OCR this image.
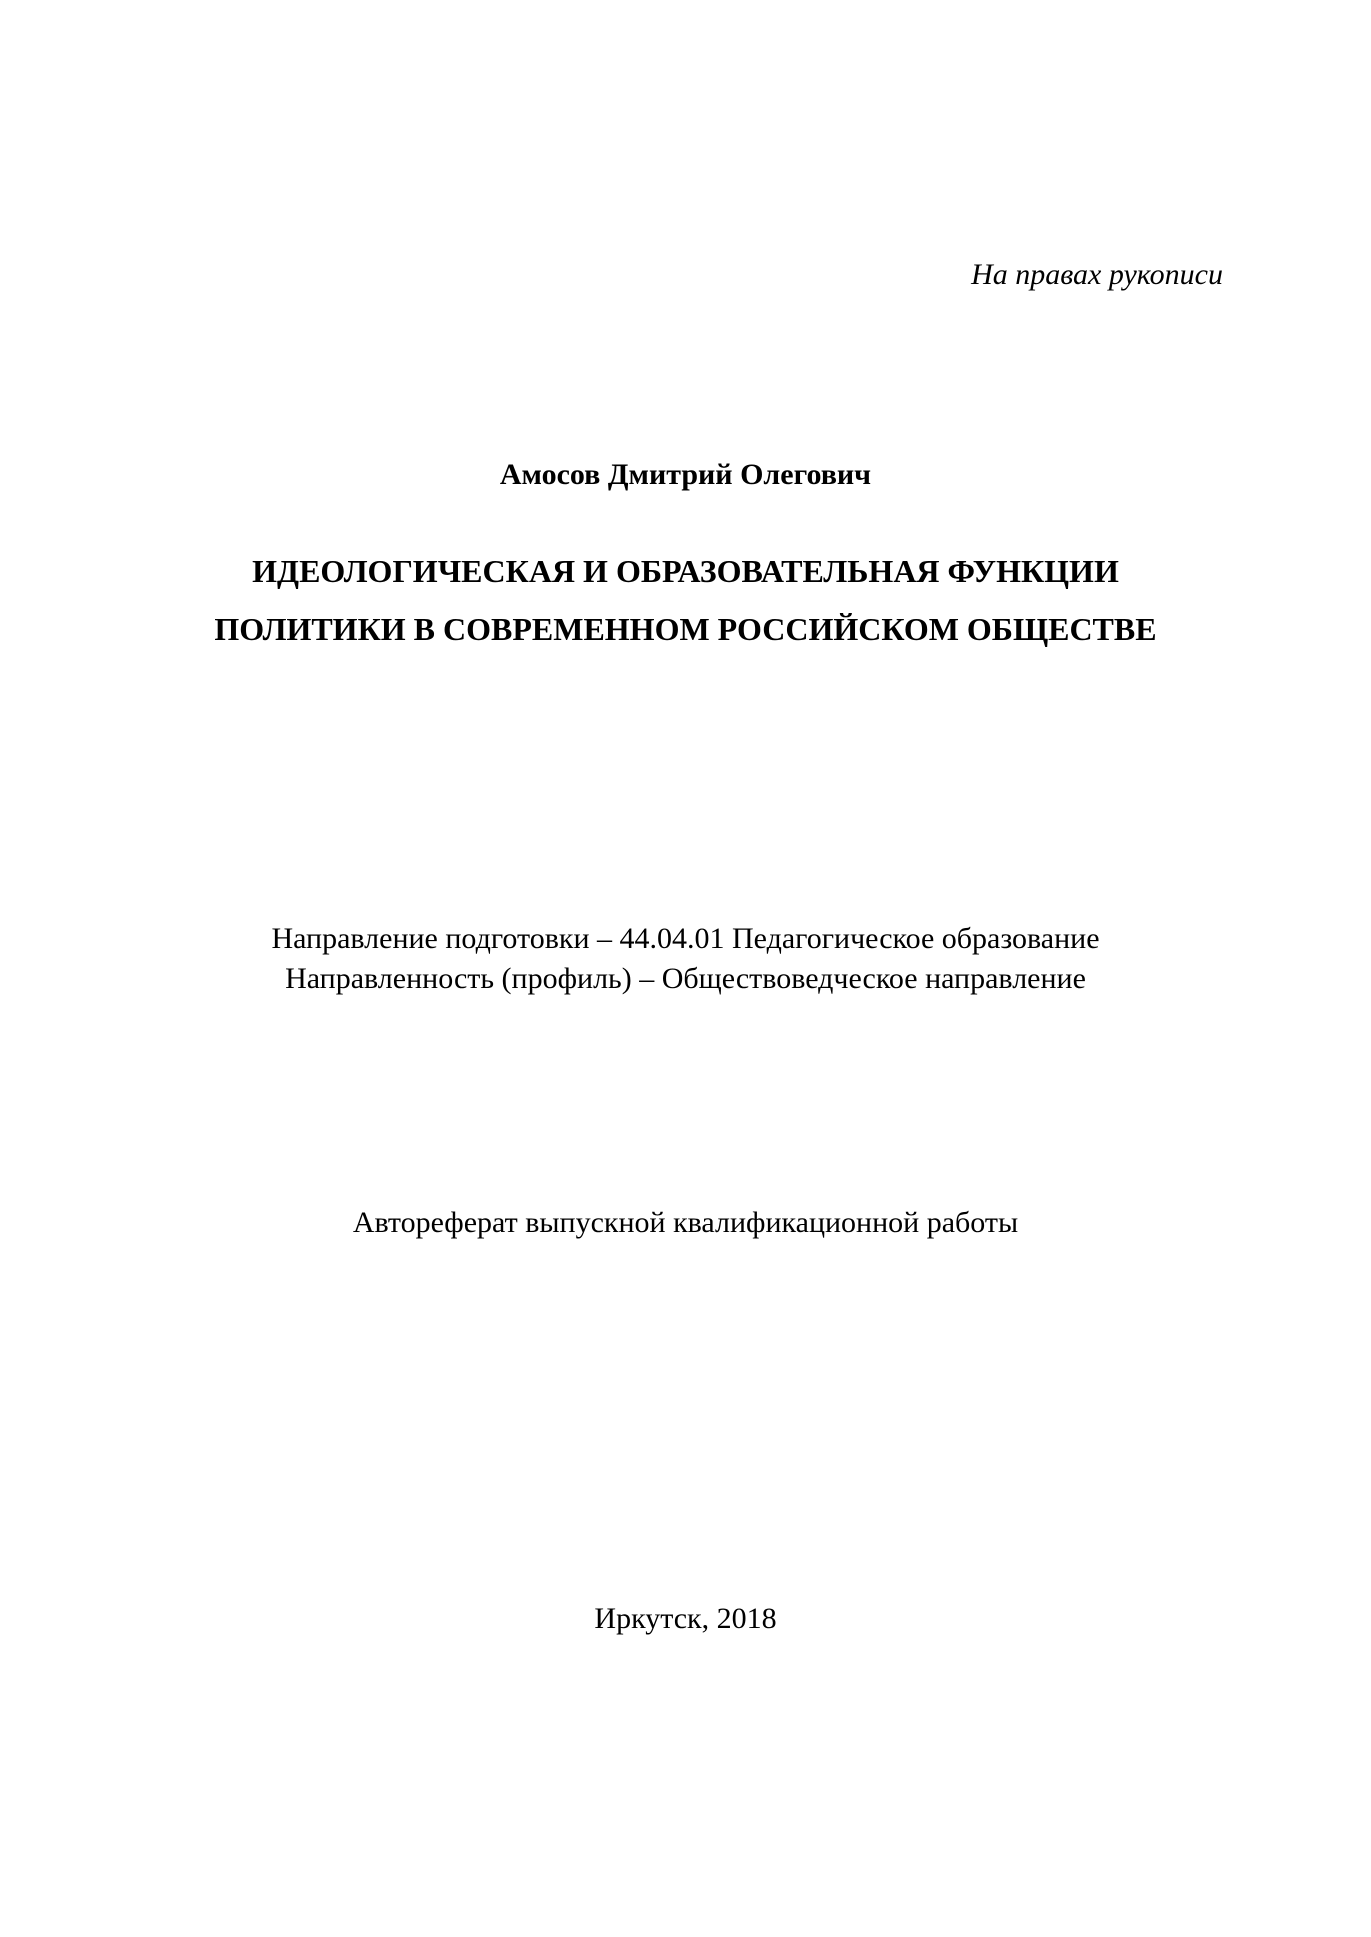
На правах рукописи

Амосов Дмитрий Олегович

ИДЕОЛОГИЧЕСКАЯ И ОБРАЗОВАТЕЛЬНАЯ ФУНКЦИИ

ПОЛИТИКИ В СОВРЕМЕННОМ РОССИЙСКОМ ОБЩЕСТВЕ

Направление подготовки – 44.04.01 Педагогическое образование

Направленность (профиль) – Обществоведческое направление

Автореферат выпускной квалификационной работы

Иркутск, 2018
